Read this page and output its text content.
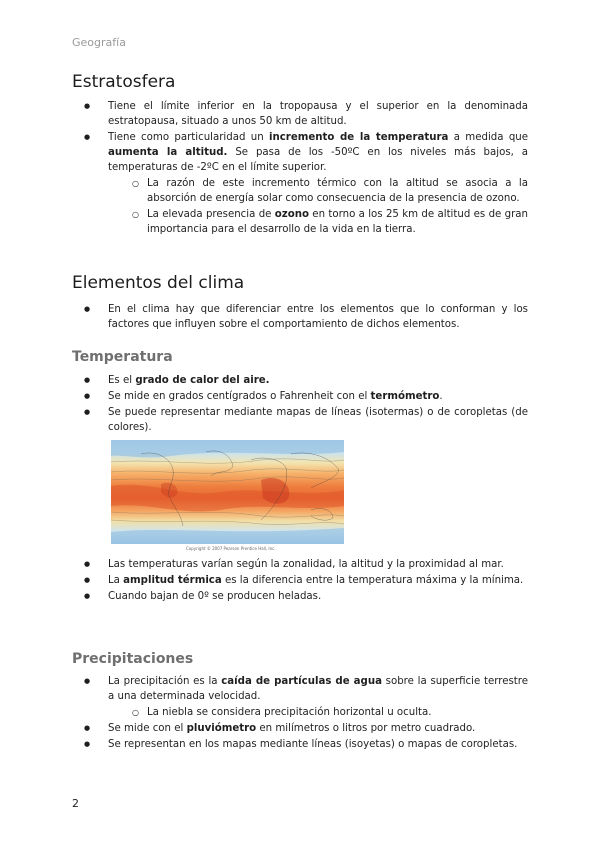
Geografía
Estratosfera
● Tiene el límite inferior en la tropopausa y el superior en la denominada estratopausa, situado a unos 50 km de altitud.
● Tiene como particularidad un incremento de la temperatura a medida que aumenta la altitud. Se pasa de los -50ºC en los niveles más bajos, a temperaturas de -2ºC en el límite superior.
○ La razón de este incremento térmico con la altitud se asocia a la absorción de energía solar como consecuencia de la presencia de ozono.
○ La elevada presencia de ozono en torno a los 25 km de altitud es de gran importancia para el desarrollo de la vida en la tierra.
Elementos del clima
● En el clima hay que diferenciar entre los elementos que lo conforman y los factores que influyen sobre el comportamiento de dichos elementos.
Temperatura
● Es el grado de calor del aire.
● Se mide en grados centígrados o Fahrenheit con el termómetro.
● Se puede representar mediante mapas de líneas (isotermas) o de coropletas (de colores).
Copyright © 2007 Pearson Prentice Hall, Inc.
● Las temperaturas varían según la zonalidad, la altitud y la proximidad al mar.
● La amplitud térmica es la diferencia entre la temperatura máxima y la mínima.
● Cuando bajan de 0º se producen heladas.
Precipitaciones
● La precipitación es la caída de partículas de agua sobre la superficie terrestre a una determinada velocidad.
○ La niebla se considera precipitación horizontal u oculta.
● Se mide con el pluviómetro en milímetros o litros por metro cuadrado.
● Se representan en los mapas mediante líneas (isoyetas) o mapas de coropletas.
2
